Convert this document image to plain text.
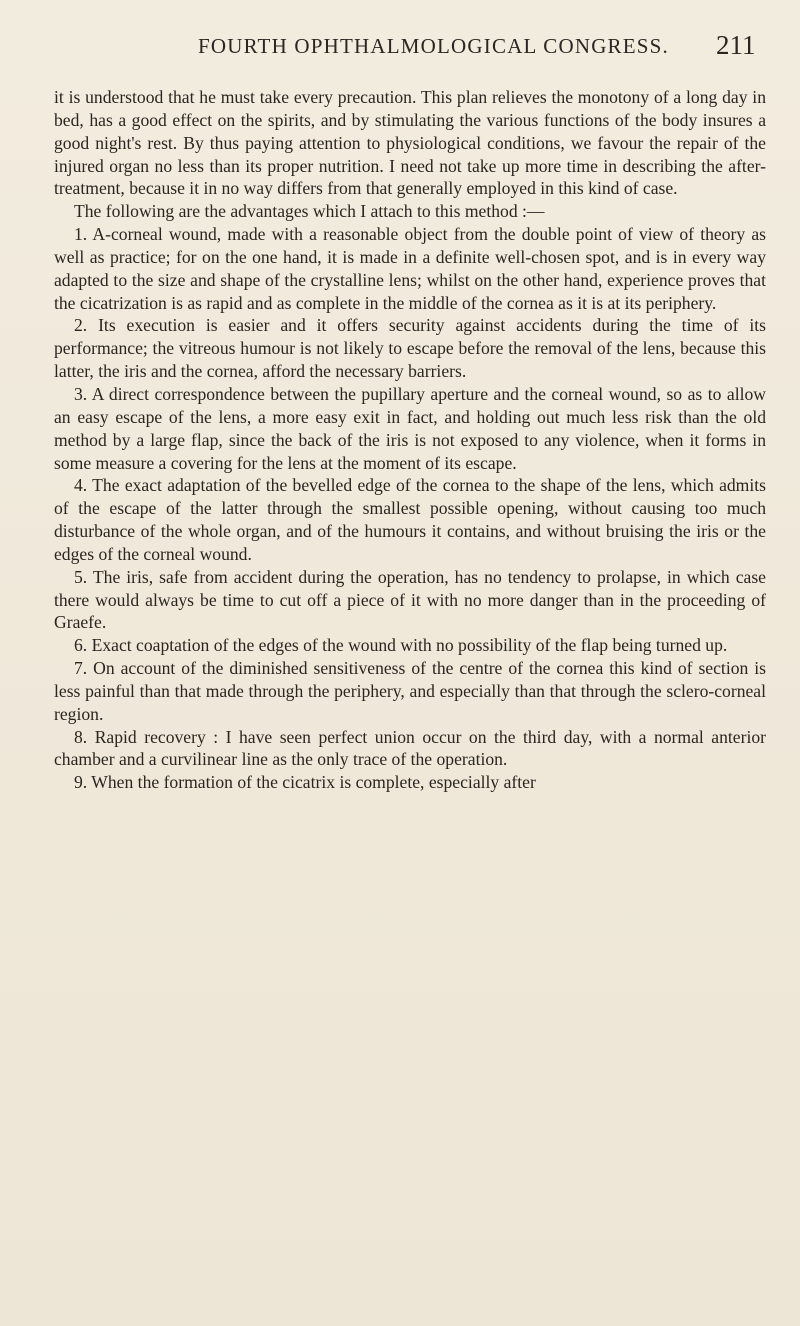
FOURTH OPHTHALMOLOGICAL CONGRESS. 211

it is understood that he must take every precaution. This plan relieves the monotony of a long day in bed, has a good effect on the spirits, and by stimulating the various functions of the body insures a good night's rest. By thus paying attention to physiological conditions, we favour the repair of the injured organ no less than its proper nutrition. I need not take up more time in describing the after-treatment, because it in no way differs from that generally employed in this kind of case.

The following are the advantages which I attach to this method :—

1. A-corneal wound, made with a reasonable object from the double point of view of theory as well as practice; for on the one hand, it is made in a definite well-chosen spot, and is in every way adapted to the size and shape of the crystalline lens; whilst on the other hand, experience proves that the cicatrization is as rapid and as complete in the middle of the cornea as it is at its periphery.

2. Its execution is easier and it offers security against accidents during the time of its performance; the vitreous humour is not likely to escape before the removal of the lens, because this latter, the iris and the cornea, afford the necessary barriers.

3. A direct correspondence between the pupillary aperture and the corneal wound, so as to allow an easy escape of the lens, a more easy exit in fact, and holding out much less risk than the old method by a large flap, since the back of the iris is not exposed to any violence, when it forms in some measure a covering for the lens at the moment of its escape.

4. The exact adaptation of the bevelled edge of the cornea to the shape of the lens, which admits of the escape of the latter through the smallest possible opening, without causing too much disturbance of the whole organ, and of the humours it contains, and without bruising the iris or the edges of the corneal wound.

5. The iris, safe from accident during the operation, has no tendency to prolapse, in which case there would always be time to cut off a piece of it with no more danger than in the proceeding of Graefe.

6. Exact coaptation of the edges of the wound with no possibility of the flap being turned up.

7. On account of the diminished sensitiveness of the centre of the cornea this kind of section is less painful than that made through the periphery, and especially than that through the sclero-corneal region.

8. Rapid recovery : I have seen perfect union occur on the third day, with a normal anterior chamber and a curvilinear line as the only trace of the operation.

9. When the formation of the cicatrix is complete, especially after
